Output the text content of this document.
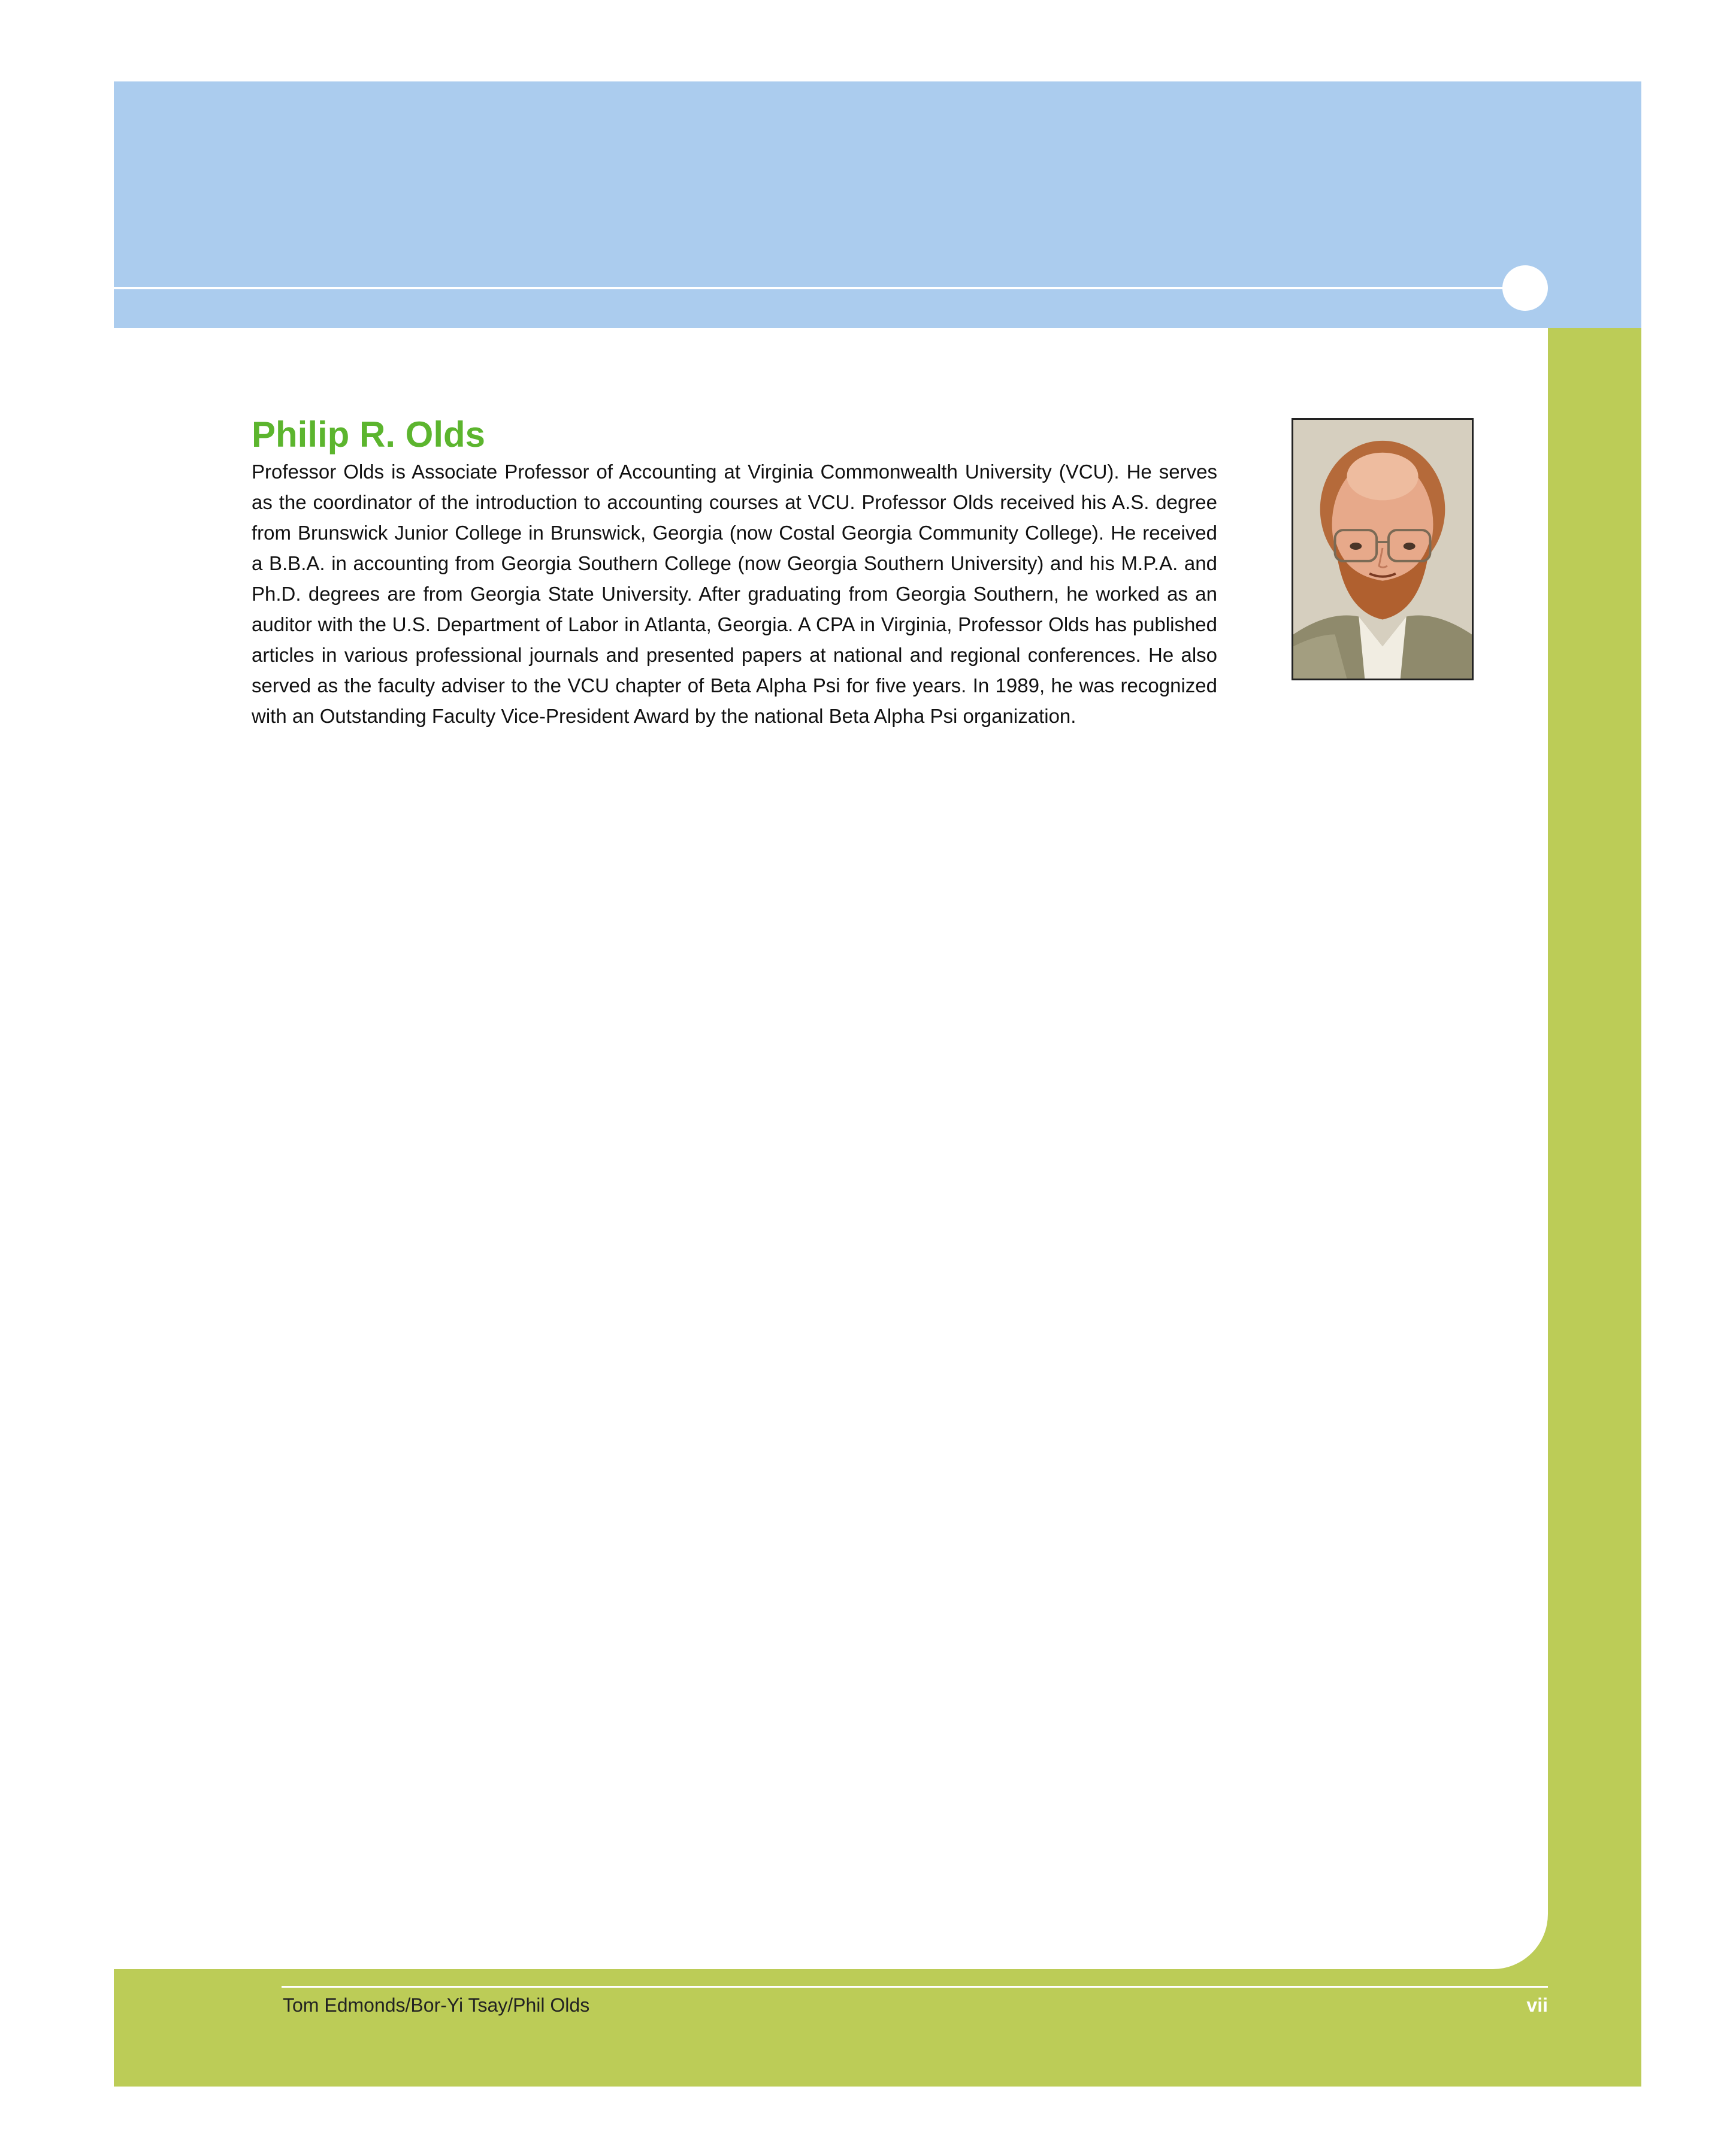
Philip R. Olds

Professor Olds is Associate Professor of Accounting at Virginia Commonwealth University (VCU). He serves as the coordinator of the introduction to accounting courses at VCU. Professor Olds received his A.S. degree from Brunswick Junior College in Brunswick, Georgia (now Costal Georgia Community College). He received a B.B.A. in accounting from Georgia Southern College (now Georgia Southern University) and his M.P.A. and Ph.D. degrees are from Georgia State University. After graduating from Georgia Southern, he worked as an auditor with the U.S. Department of Labor in Atlanta, Georgia. A CPA in Virginia, Professor Olds has published articles in various professional journals and presented papers at national and regional conferences. He also served as the faculty adviser to the VCU chapter of Beta Alpha Psi for five years. In 1989, he was recognized with an Outstanding Faculty Vice-President Award by the national Beta Alpha Psi organization.

Tom Edmonds/Bor-Yi Tsay/Phil Olds	vii
